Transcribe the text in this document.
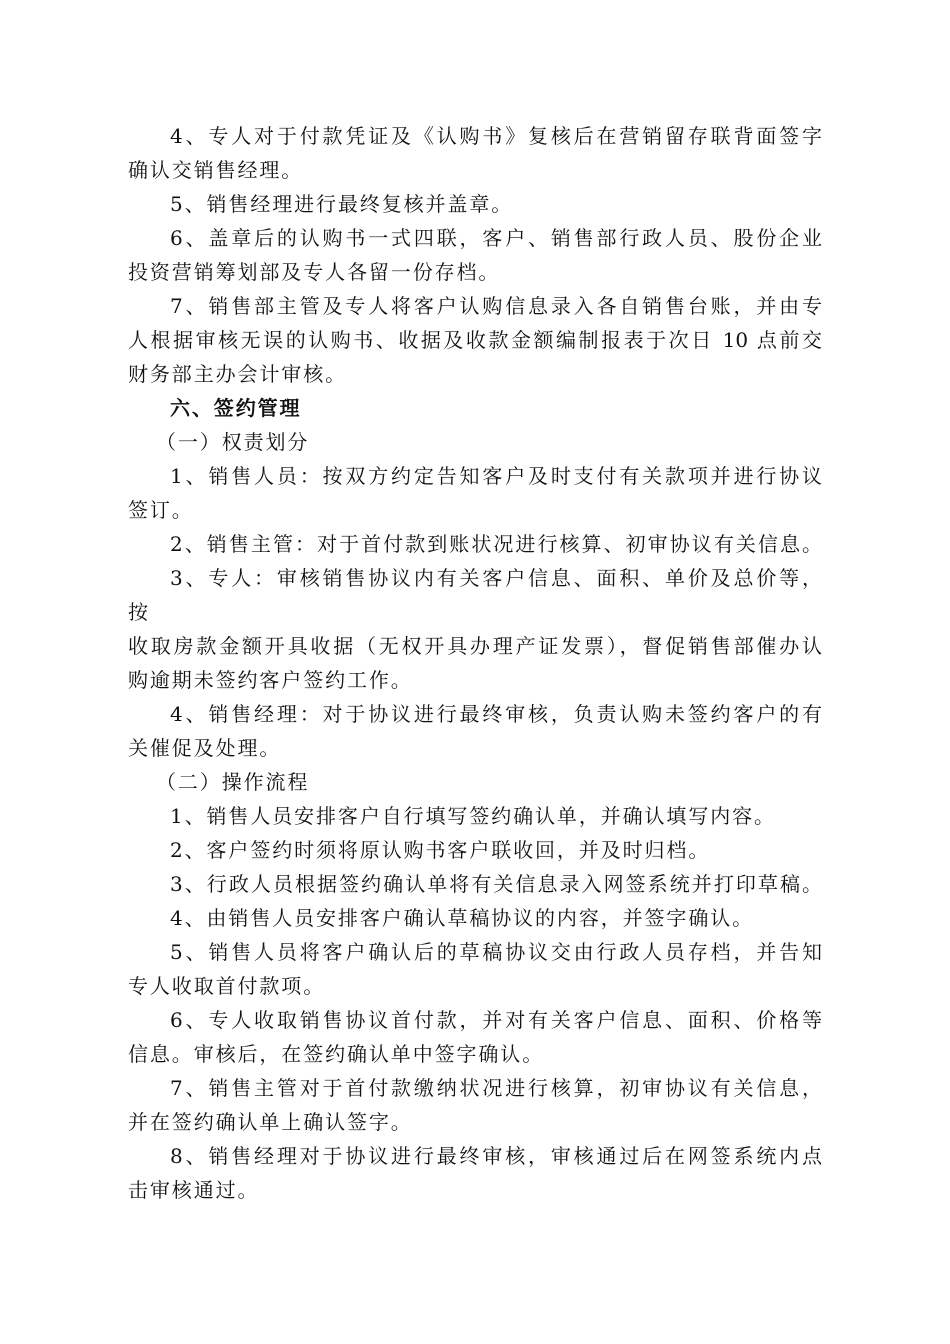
4、专人对于付款凭证及《认购书》复核后在营销留存联背面签字
确认交销售经理。
5、销售经理进行最终复核并盖章。
6、盖章后的认购书一式四联，客户、销售部行政人员、股份企业
投资营销筹划部及专人各留一份存档。
7、销售部主管及专人将客户认购信息录入各自销售台账，并由专
人根据审核无误的认购书、收据及收款金额编制报表于次日 10 点前交
财务部主办会计审核。
六、签约管理
（一）权责划分
1、销售人员：按双方约定告知客户及时支付有关款项并进行协议
签订。
2、销售主管：对于首付款到账状况进行核算、初审协议有关信息。
3、专人：审核销售协议内有关客户信息、面积、单价及总价等，
按
收取房款金额开具收据（无权开具办理产证发票），督促销售部催办认
购逾期未签约客户签约工作。
4、销售经理：对于协议进行最终审核，负责认购未签约客户的有
关催促及处理。
（二）操作流程
1、销售人员安排客户自行填写签约确认单，并确认填写内容。
2、客户签约时须将原认购书客户联收回，并及时归档。
3、行政人员根据签约确认单将有关信息录入网签系统并打印草稿。
4、由销售人员安排客户确认草稿协议的内容，并签字确认。
5、销售人员将客户确认后的草稿协议交由行政人员存档，并告知
专人收取首付款项。
6、专人收取销售协议首付款，并对有关客户信息、面积、价格等
信息。审核后，在签约确认单中签字确认。
7、销售主管对于首付款缴纳状况进行核算，初审协议有关信息，
并在签约确认单上确认签字。
8、销售经理对于协议进行最终审核，审核通过后在网签系统内点
击审核通过。
